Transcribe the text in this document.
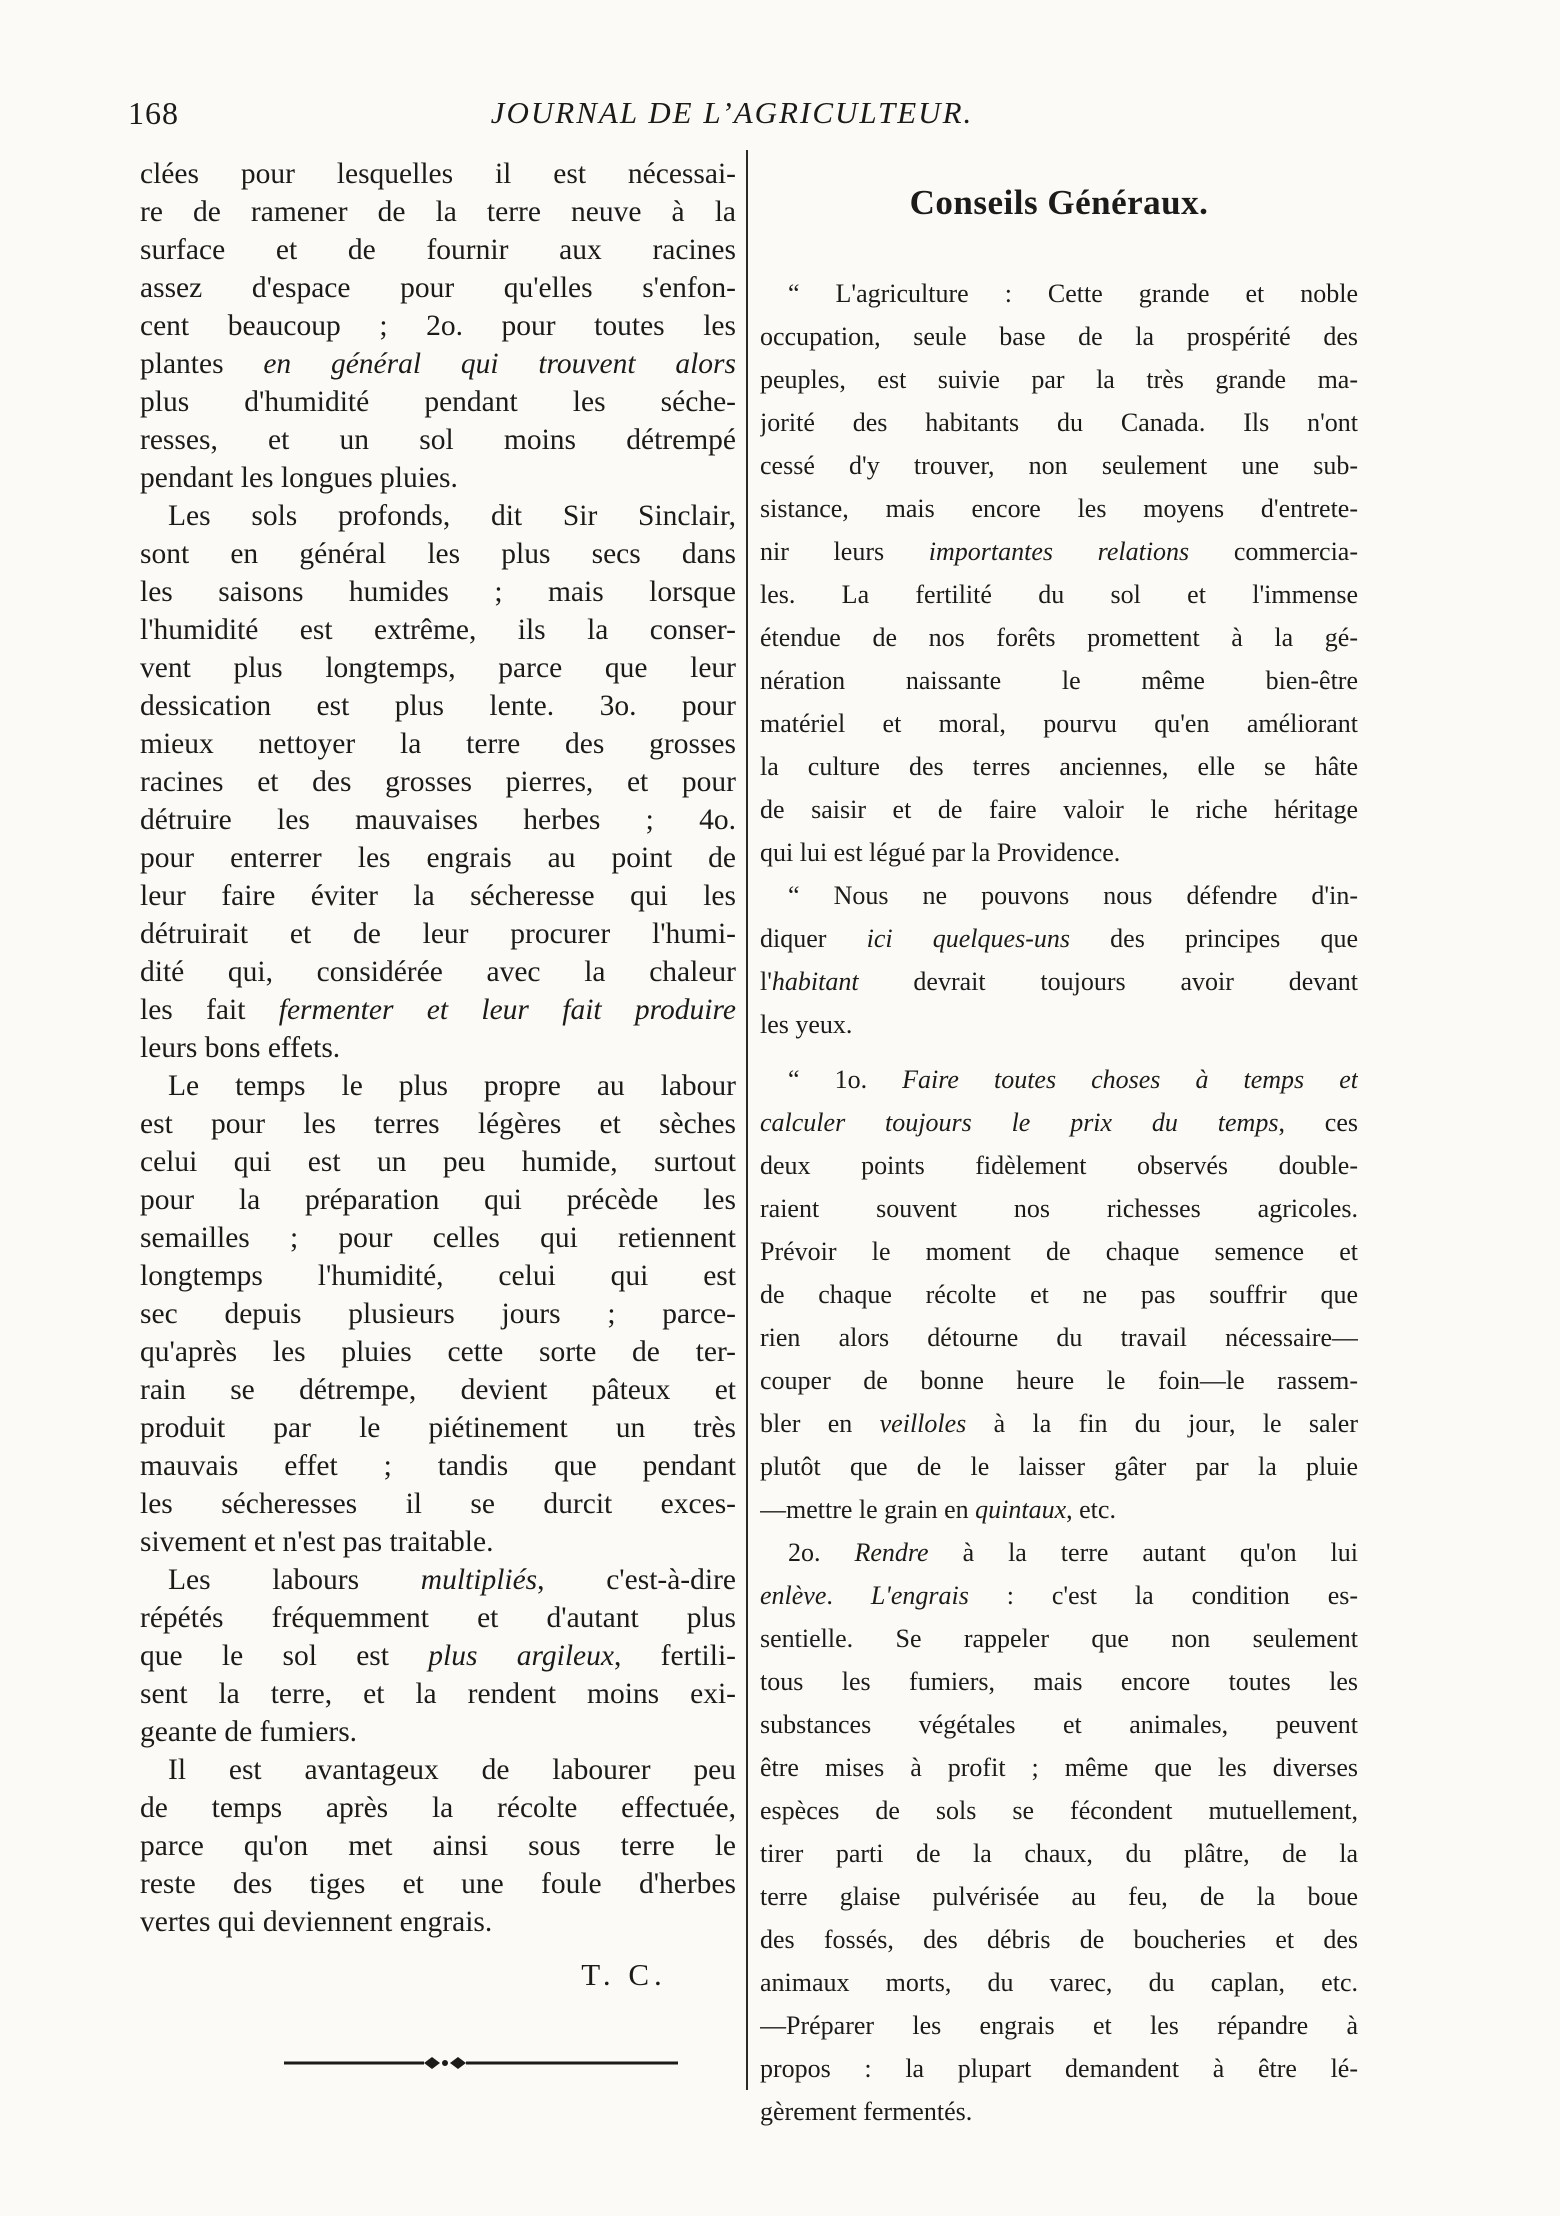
168	JOURNAL DE L’AGRICULTEUR.
clées pour lesquelles il est nécessai-
re de ramener de la terre neuve à la
surface et de fournir aux racines
assez d'espace pour qu'elles s'enfon-
cent beaucoup ; 2o. pour toutes les
plantes en général qui trouvent alors
plus d'humidité pendant les séche-
resses, et un sol moins détrempé
pendant les longues pluies.
Les sols profonds, dit Sir Sinclair,
sont en général les plus secs dans
les saisons humides ; mais lorsque
l'humidité est extrême, ils la conser-
vent plus longtemps, parce que leur
dessication est plus lente. 3o. pour
mieux nettoyer la terre des grosses
racines et des grosses pierres, et pour
détruire les mauvaises herbes ; 4o.
pour enterrer les engrais au point de
leur faire éviter la sécheresse qui les
détruirait et de leur procurer l'humi-
dité qui, considérée avec la chaleur
les fait fermenter et leur fait produire
leurs bons effets.
Le temps le plus propre au labour
est pour les terres légères et sèches
celui qui est un peu humide, surtout
pour la préparation qui précède les
semailles ; pour celles qui retiennent
longtemps l'humidité, celui qui est
sec depuis plusieurs jours ; parce-
qu'après les pluies cette sorte de ter-
rain se détrempe, devient pâteux et
produit par le piétinement un très
mauvais effet ; tandis que pendant
les sécheresses il se durcit exces-
sivement et n'est pas traitable.
Les labours multipliés, c'est-à-dire
répétés fréquemment et d'autant plus
que le sol est plus argileux, fertili-
sent la terre, et la rendent moins exi-
geante de fumiers.
Il est avantageux de labourer peu
de temps après la récolte effectuée,
parce qu'on met ainsi sous terre le
reste des tiges et une foule d'herbes
vertes qui deviennent engrais.
T. C.
Conseils Généraux.
“ L'agriculture : Cette grande et noble
occupation, seule base de la prospérité des
peuples, est suivie par la très grande ma-
jorité des habitants du Canada. Ils n'ont
cessé d'y trouver, non seulement une sub-
sistance, mais encore les moyens d'entrete-
nir leurs importantes relations commercia-
les. La fertilité du sol et l'immense
étendue de nos forêts promettent à la gé-
nération naissante le même bien-être
matériel et moral, pourvu qu'en améliorant
la culture des terres anciennes, elle se hâte
de saisir et de faire valoir le riche héritage
qui lui est légué par la Providence.
“ Nous ne pouvons nous défendre d'in-
diquer ici quelques-uns des principes que
l'habitant devrait toujours avoir devant
les yeux.
“ 1o. Faire toutes choses à temps et
calculer toujours le prix du temps, ces
deux points fidèlement observés double-
raient souvent nos richesses agricoles.
Prévoir le moment de chaque semence et
de chaque récolte et ne pas souffrir que
rien alors détourne du travail nécessaire—
couper de bonne heure le foin—le rassem-
bler en veilloles à la fin du jour, le saler
plutôt que de le laisser gâter par la pluie
—mettre le grain en quintaux, etc.
2o. Rendre à la terre autant qu'on lui
enlève. L'engrais : c'est la condition es-
sentielle. Se rappeler que non seulement
tous les fumiers, mais encore toutes les
substances végétales et animales, peuvent
être mises à profit ; même que les diverses
espèces de sols se fécondent mutuellement,
tirer parti de la chaux, du plâtre, de la
terre glaise pulvérisée au feu, de la boue
des fossés, des débris de boucheries et des
animaux morts, du varec, du caplan, etc.
—Préparer les engrais et les répandre à
propos : la plupart demandent à être lé-
gèrement fermentés.
